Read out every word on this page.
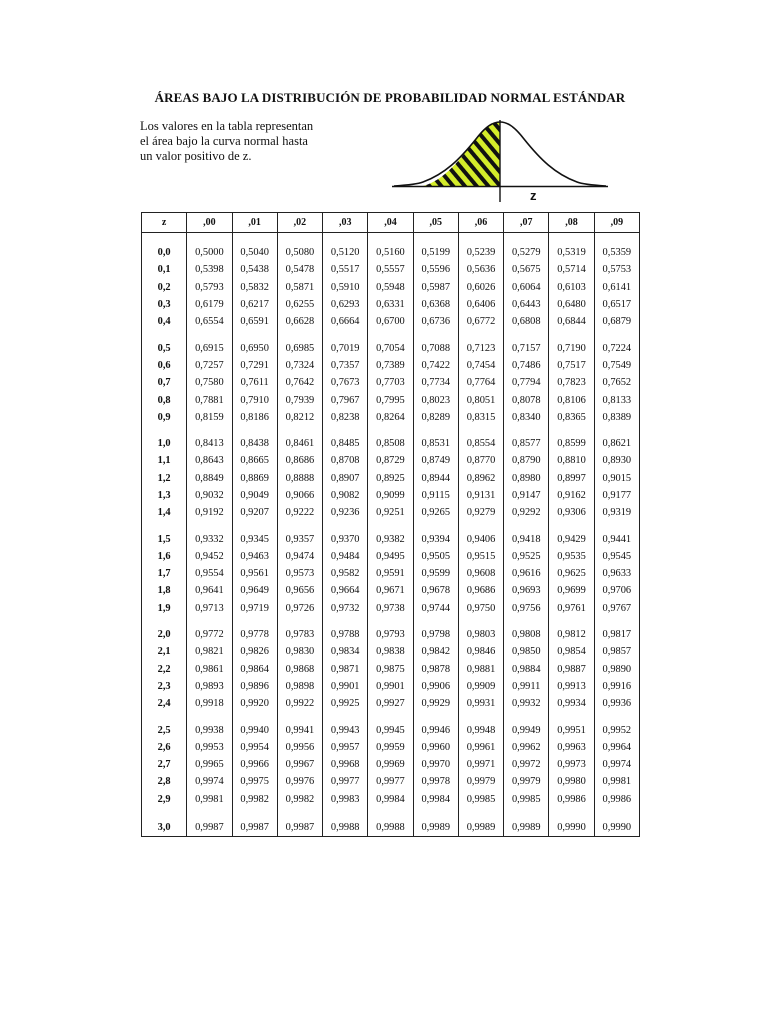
ÁREAS BAJO LA DISTRIBUCIÓN DE PROBABILIDAD NORMAL ESTÁNDAR
Los valores en la tabla representan
el área bajo la curva normal hasta
un valor positivo de z.
z
z	,00	,01	,02	,03	,04	,05	,06	,07	,08	,09

0,0	0,5000	0,5040	0,5080	0,5120	0,5160	0,5199	0,5239	0,5279	0,5319	0,5359
0,1	0,5398	0,5438	0,5478	0,5517	0,5557	0,5596	0,5636	0,5675	0,5714	0,5753
0,2	0,5793	0,5832	0,5871	0,5910	0,5948	0,5987	0,6026	0,6064	0,6103	0,6141
0,3	0,6179	0,6217	0,6255	0,6293	0,6331	0,6368	0,6406	0,6443	0,6480	0,6517
0,4	0,6554	0,6591	0,6628	0,6664	0,6700	0,6736	0,6772	0,6808	0,6844	0,6879

0,5	0,6915	0,6950	0,6985	0,7019	0,7054	0,7088	0,7123	0,7157	0,7190	0,7224
0,6	0,7257	0,7291	0,7324	0,7357	0,7389	0,7422	0,7454	0,7486	0,7517	0,7549
0,7	0,7580	0,7611	0,7642	0,7673	0,7703	0,7734	0,7764	0,7794	0,7823	0,7652
0,8	0,7881	0,7910	0,7939	0,7967	0,7995	0,8023	0,8051	0,8078	0,8106	0,8133
0,9	0,8159	0,8186	0,8212	0,8238	0,8264	0,8289	0,8315	0,8340	0,8365	0,8389

1,0	0,8413	0,8438	0,8461	0,8485	0,8508	0,8531	0,8554	0,8577	0,8599	0,8621
1,1	0,8643	0,8665	0,8686	0,8708	0,8729	0,8749	0,8770	0,8790	0,8810	0,8930
1,2	0,8849	0,8869	0,8888	0,8907	0,8925	0,8944	0,8962	0,8980	0,8997	0,9015
1,3	0,9032	0,9049	0,9066	0,9082	0,9099	0,9115	0,9131	0,9147	0,9162	0,9177
1,4	0,9192	0,9207	0,9222	0,9236	0,9251	0,9265	0,9279	0,9292	0,9306	0,9319

1,5	0,9332	0,9345	0,9357	0,9370	0,9382	0,9394	0,9406	0,9418	0,9429	0,9441
1,6	0,9452	0,9463	0,9474	0,9484	0,9495	0,9505	0,9515	0,9525	0,9535	0,9545
1,7	0,9554	0,9561	0,9573	0,9582	0,9591	0,9599	0,9608	0,9616	0,9625	0,9633
1,8	0,9641	0,9649	0,9656	0,9664	0,9671	0,9678	0,9686	0,9693	0,9699	0,9706
1,9	0,9713	0,9719	0,9726	0,9732	0,9738	0,9744	0,9750	0,9756	0,9761	0,9767

2,0	0,9772	0,9778	0,9783	0,9788	0,9793	0,9798	0,9803	0,9808	0,9812	0,9817
2,1	0,9821	0,9826	0,9830	0,9834	0,9838	0,9842	0,9846	0,9850	0,9854	0,9857
2,2	0,9861	0,9864	0,9868	0,9871	0,9875	0,9878	0,9881	0,9884	0,9887	0,9890
2,3	0,9893	0,9896	0,9898	0,9901	0,9901	0,9906	0,9909	0,9911	0,9913	0,9916
2,4	0,9918	0,9920	0,9922	0,9925	0,9927	0,9929	0,9931	0,9932	0,9934	0,9936

2,5	0,9938	0,9940	0,9941	0,9943	0,9945	0,9946	0,9948	0,9949	0,9951	0,9952
2,6	0,9953	0,9954	0,9956	0,9957	0,9959	0,9960	0,9961	0,9962	0,9963	0,9964
2,7	0,9965	0,9966	0,9967	0,9968	0,9969	0,9970	0,9971	0,9972	0,9973	0,9974
2,8	0,9974	0,9975	0,9976	0,9977	0,9977	0,9978	0,9979	0,9979	0,9980	0,9981
2,9	0,9981	0,9982	0,9982	0,9983	0,9984	0,9984	0,9985	0,9985	0,9986	0,9986

3,0	0,9987	0,9987	0,9987	0,9988	0,9988	0,9989	0,9989	0,9989	0,9990	0,9990
